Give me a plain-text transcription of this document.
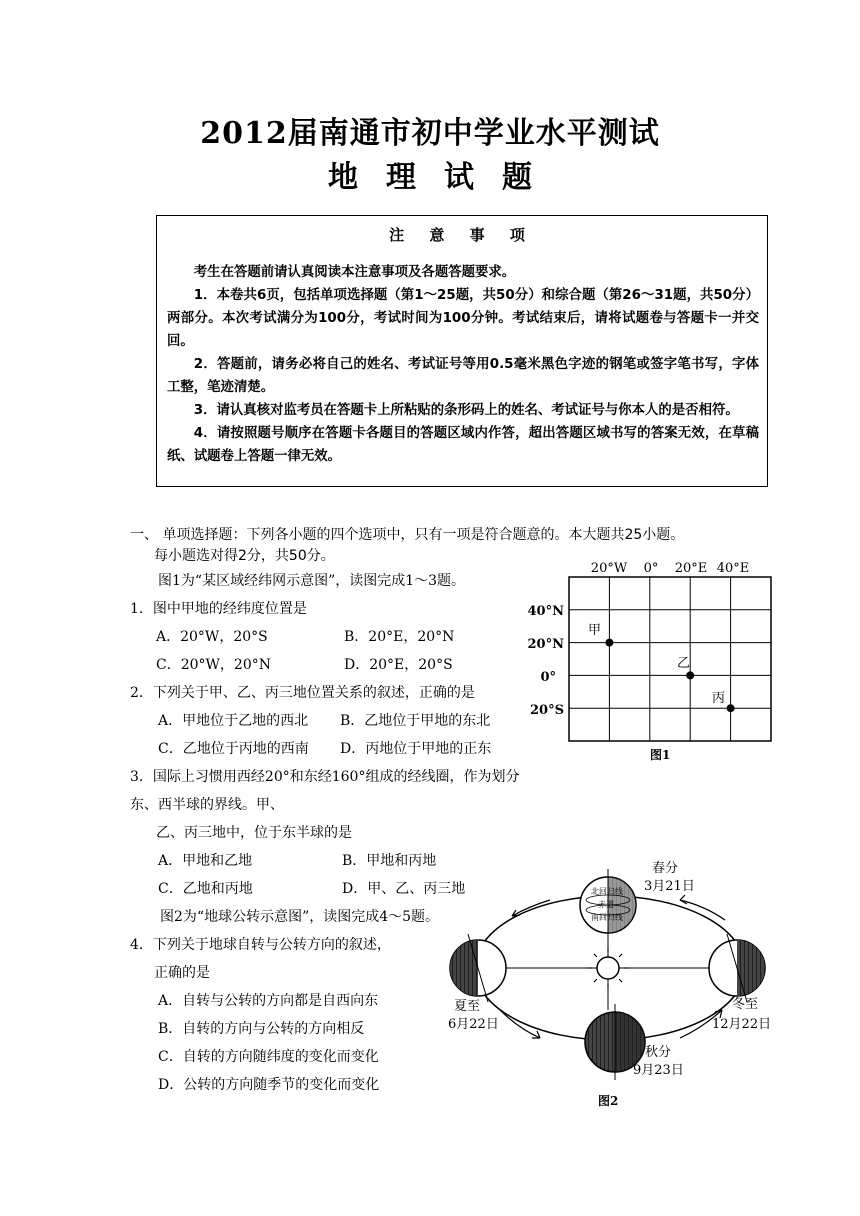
2012届南通市初中学业水平测试
地 理 试 题
注 意 事 项
考生在答题前请认真阅读本注意事项及各题答题要求。
1．本卷共6页，包括单项选择题（第1～25题，共50分）和综合题（第26～31题，共50分）两部分。本次考试满分为100分，考试时间为100分钟。考试结束后，请将试题卷与答题卡一并交回。
2．答题前，请务必将自己的姓名、考试证号等用0.5毫米黑色字迹的钢笔或签字笔书写，字体工整，笔迹清楚。
3．请认真核对监考员在答题卡上所粘贴的条形码上的姓名、考试证号与你本人的是否相符。
4．请按照题号顺序在答题卡各题目的答题区域内作答，超出答题区域书写的答案无效，在草稿纸、试题卷上答题一律无效。
一、 单项选择题：下列各小题的四个选项中，只有一项是符合题意的。本大题共25小题。
每小题选对得2分，共50分。
图1为“某区域经纬网示意图”，读图完成1～3题。
1．图中甲地的经纬度位置是
A．20°W，20°S	B．20°E，20°N
C．20°W，20°N	D．20°E，20°S
2．下列关于甲、乙、丙三地位置关系的叙述，正确的是
A．甲地位于乙地的西北 B．乙地位于甲地的东北
C．乙地位于丙地的西南 D．丙地位于甲地的正东
3．国际上习惯用西经20°和东经160°组成的经线圈，作为划分
东、西半球的界线。甲、
乙、丙三地中，位于东半球的是
A．甲地和乙地	B．甲地和丙地
C．乙地和丙地	D．甲、乙、丙三地
图2为“地球公转示意图”，读图完成4～5题。
4．下列关于地球自转与公转方向的叙述，
正确的是
A．自转与公转的方向都是自西向东
B．自转的方向与公转的方向相反
C．自转的方向随纬度的变化而变化
D．公转的方向随季节的变化而变化
20°W 0° 20°E 40°E
40°N
20°N
0°
20°S
甲
乙
丙
图1
北回归线
赤道
南回归线
春分
3月21日
夏至
6月22日
冬至
12月22日
秋分
9月23日
图2
